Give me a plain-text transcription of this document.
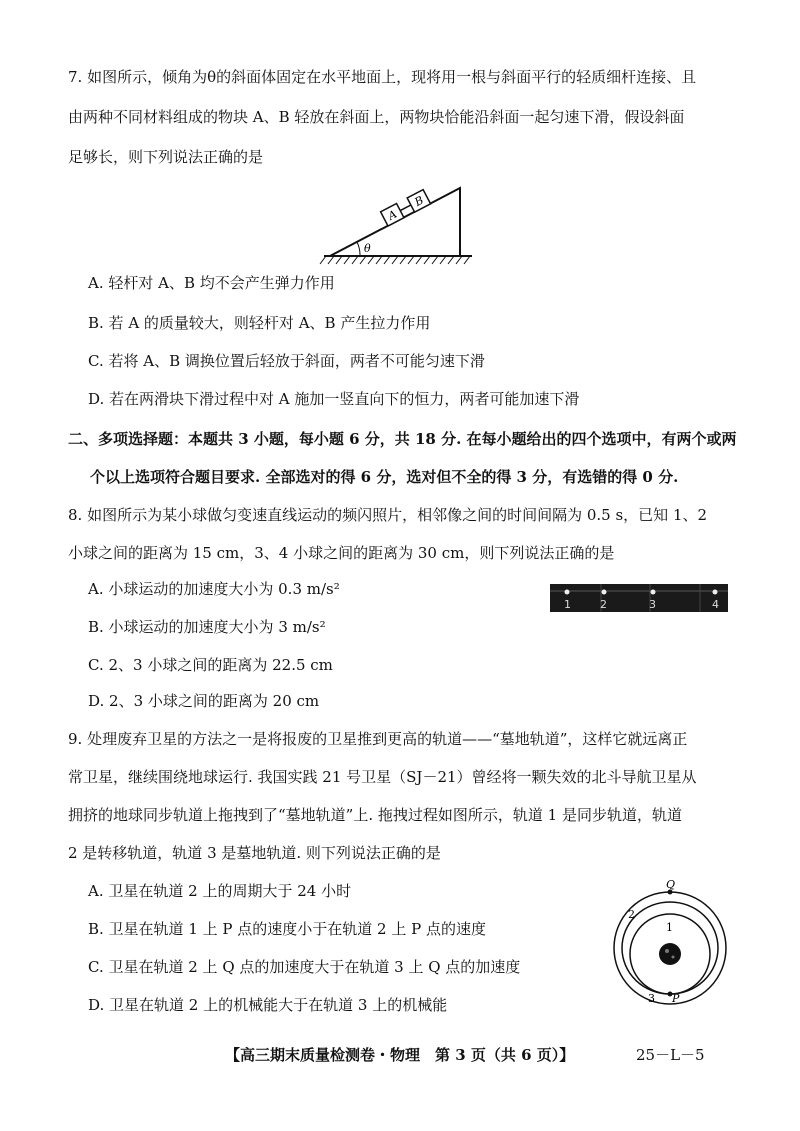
7. 如图所示，倾角为θ的斜面体固定在水平地面上，现将用一根与斜面平行的轻质细杆连接、且
由两种不同材料组成的物块 A、B 轻放在斜面上，两物块恰能沿斜面一起匀速下滑，假设斜面
足够长，则下列说法正确的是
θ
A
B
A. 轻杆对 A、B 均不会产生弹力作用
B. 若 A 的质量较大，则轻杆对 A、B 产生拉力作用
C. 若将 A、B 调换位置后轻放于斜面，两者不可能匀速下滑
D. 若在两滑块下滑过程中对 A 施加一竖直向下的恒力，两者可能加速下滑
二、多项选择题：本题共 3 小题，每小题 6 分，共 18 分. 在每小题给出的四个选项中，有两个或两
个以上选项符合题目要求. 全部选对的得 6 分，选对但不全的得 3 分，有选错的得 0 分.
8. 如图所示为某小球做匀变速直线运动的频闪照片，相邻像之间的时间间隔为 0.5 s，已知 1、2
小球之间的距离为 15 cm，3、4 小球之间的距离为 30 cm，则下列说法正确的是
A. 小球运动的加速度大小为 0.3 m/s²
B. 小球运动的加速度大小为 3 m/s²
C. 2、3 小球之间的距离为 22.5 cm
D. 2、3 小球之间的距离为 20 cm
1	2	3	4
9. 处理废弃卫星的方法之一是将报废的卫星推到更高的轨道——“墓地轨道”，这样它就远离正
常卫星，继续围绕地球运行. 我国实践 21 号卫星（SJ－21）曾经将一颗失效的北斗导航卫星从
拥挤的地球同步轨道上拖拽到了“墓地轨道”上. 拖拽过程如图所示，轨道 1 是同步轨道，轨道
2 是转移轨道，轨道 3 是墓地轨道. 则下列说法正确的是
A. 卫星在轨道 2 上的周期大于 24 小时
B. 卫星在轨道 1 上 P 点的速度小于在轨道 2 上 P 点的速度
C. 卫星在轨道 2 上 Q 点的加速度大于在轨道 3 上 Q 点的加速度
D. 卫星在轨道 2 上的机械能大于在轨道 3 上的机械能
Q
P
1
2
3
【高三期末质量检测卷・物理　第 3 页（共 6 页）】	25－L－5
